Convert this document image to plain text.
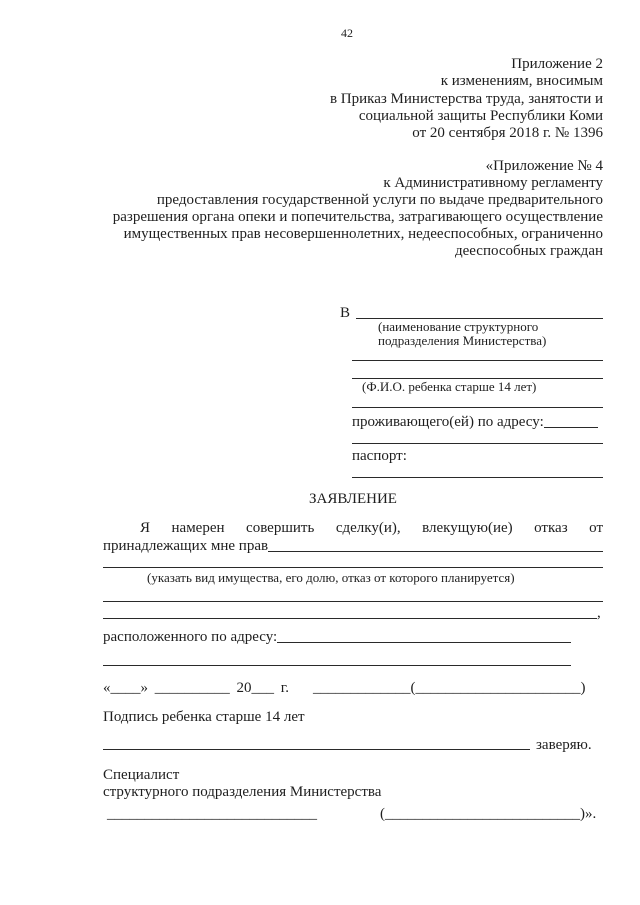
42
Приложение 2
к изменениям, вносимым
в Приказ Министерства труда, занятости и
социальной защиты Республики Коми
от 20 сентября 2018 г. № 1396
«Приложение № 4
к Административному регламенту
предоставления государственной услуги по выдаче предварительного
разрешения органа опеки и попечительства, затрагивающего осуществление
имущественных прав несовершеннолетних, недееспособных, ограниченно
дееспособных граждан
В
(наименование структурного
подразделения Министерства)
(Ф.И.О. ребенка старше 14 лет)
проживающего(ей) по адресу:
паспорт:
ЗАЯВЛЕНИЕ
Я намерен совершить сделку(и), влекущую(ие) отказ от
принадлежащих мне прав
(указать вид имущества, его долю, отказ от которого планируется)
,
расположенного по адресу:
«____» __________ 20___ г. _____________(______________________)
Подпись ребенка старше 14 лет
заверяю.
Специалист
структурного подразделения Министерства
____________________________	(__________________________)».
